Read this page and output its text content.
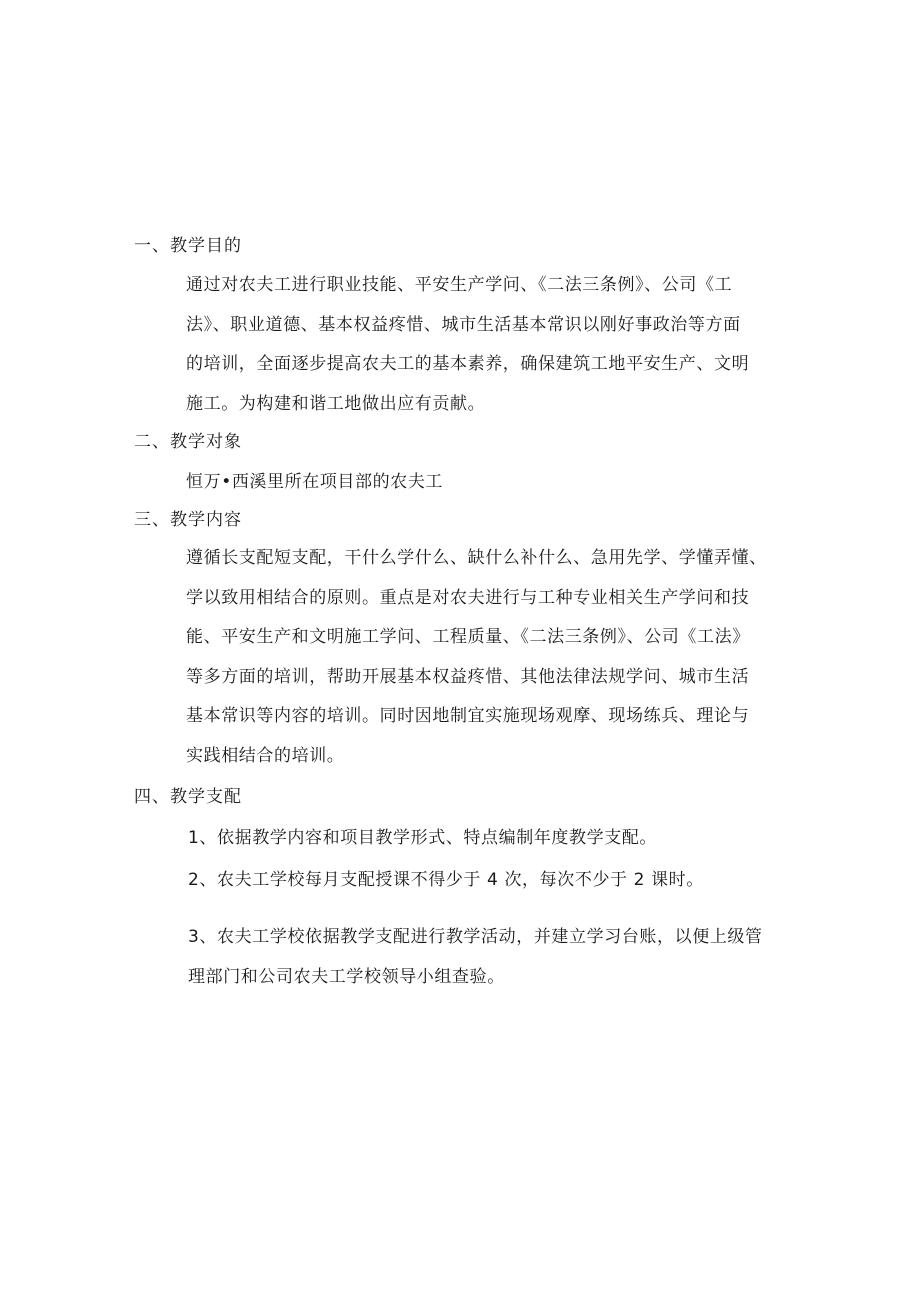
一、教学目的
通过对农夫工进行职业技能、平安生产学问、《二法三条例》、公司《工
法》、职业道德、基本权益疼惜、城市生活基本常识以刚好事政治等方面
的培训，全面逐步提高农夫工的基本素养，确保建筑工地平安生产、文明
施工。为构建和谐工地做出应有贡献。
二、教学对象
恒万•西溪里所在项目部的农夫工
三、教学内容
遵循长支配短支配，干什么学什么、缺什么补什么、急用先学、学懂弄懂、
学以致用相结合的原则。重点是对农夫进行与工种专业相关生产学问和技
能、平安生产和文明施工学问、工程质量、《二法三条例》、公司《工法》
等多方面的培训，帮助开展基本权益疼惜、其他法律法规学问、城市生活
基本常识等内容的培训。同时因地制宜实施现场观摩、现场练兵、理论与
实践相结合的培训。
四、教学支配
1、依据教学内容和项目教学形式、特点编制年度教学支配。
2、农夫工学校每月支配授课不得少于 4 次，每次不少于 2 课时。
3、农夫工学校依据教学支配进行教学活动，并建立学习台账，以便上级管
理部门和公司农夫工学校领导小组查验。
